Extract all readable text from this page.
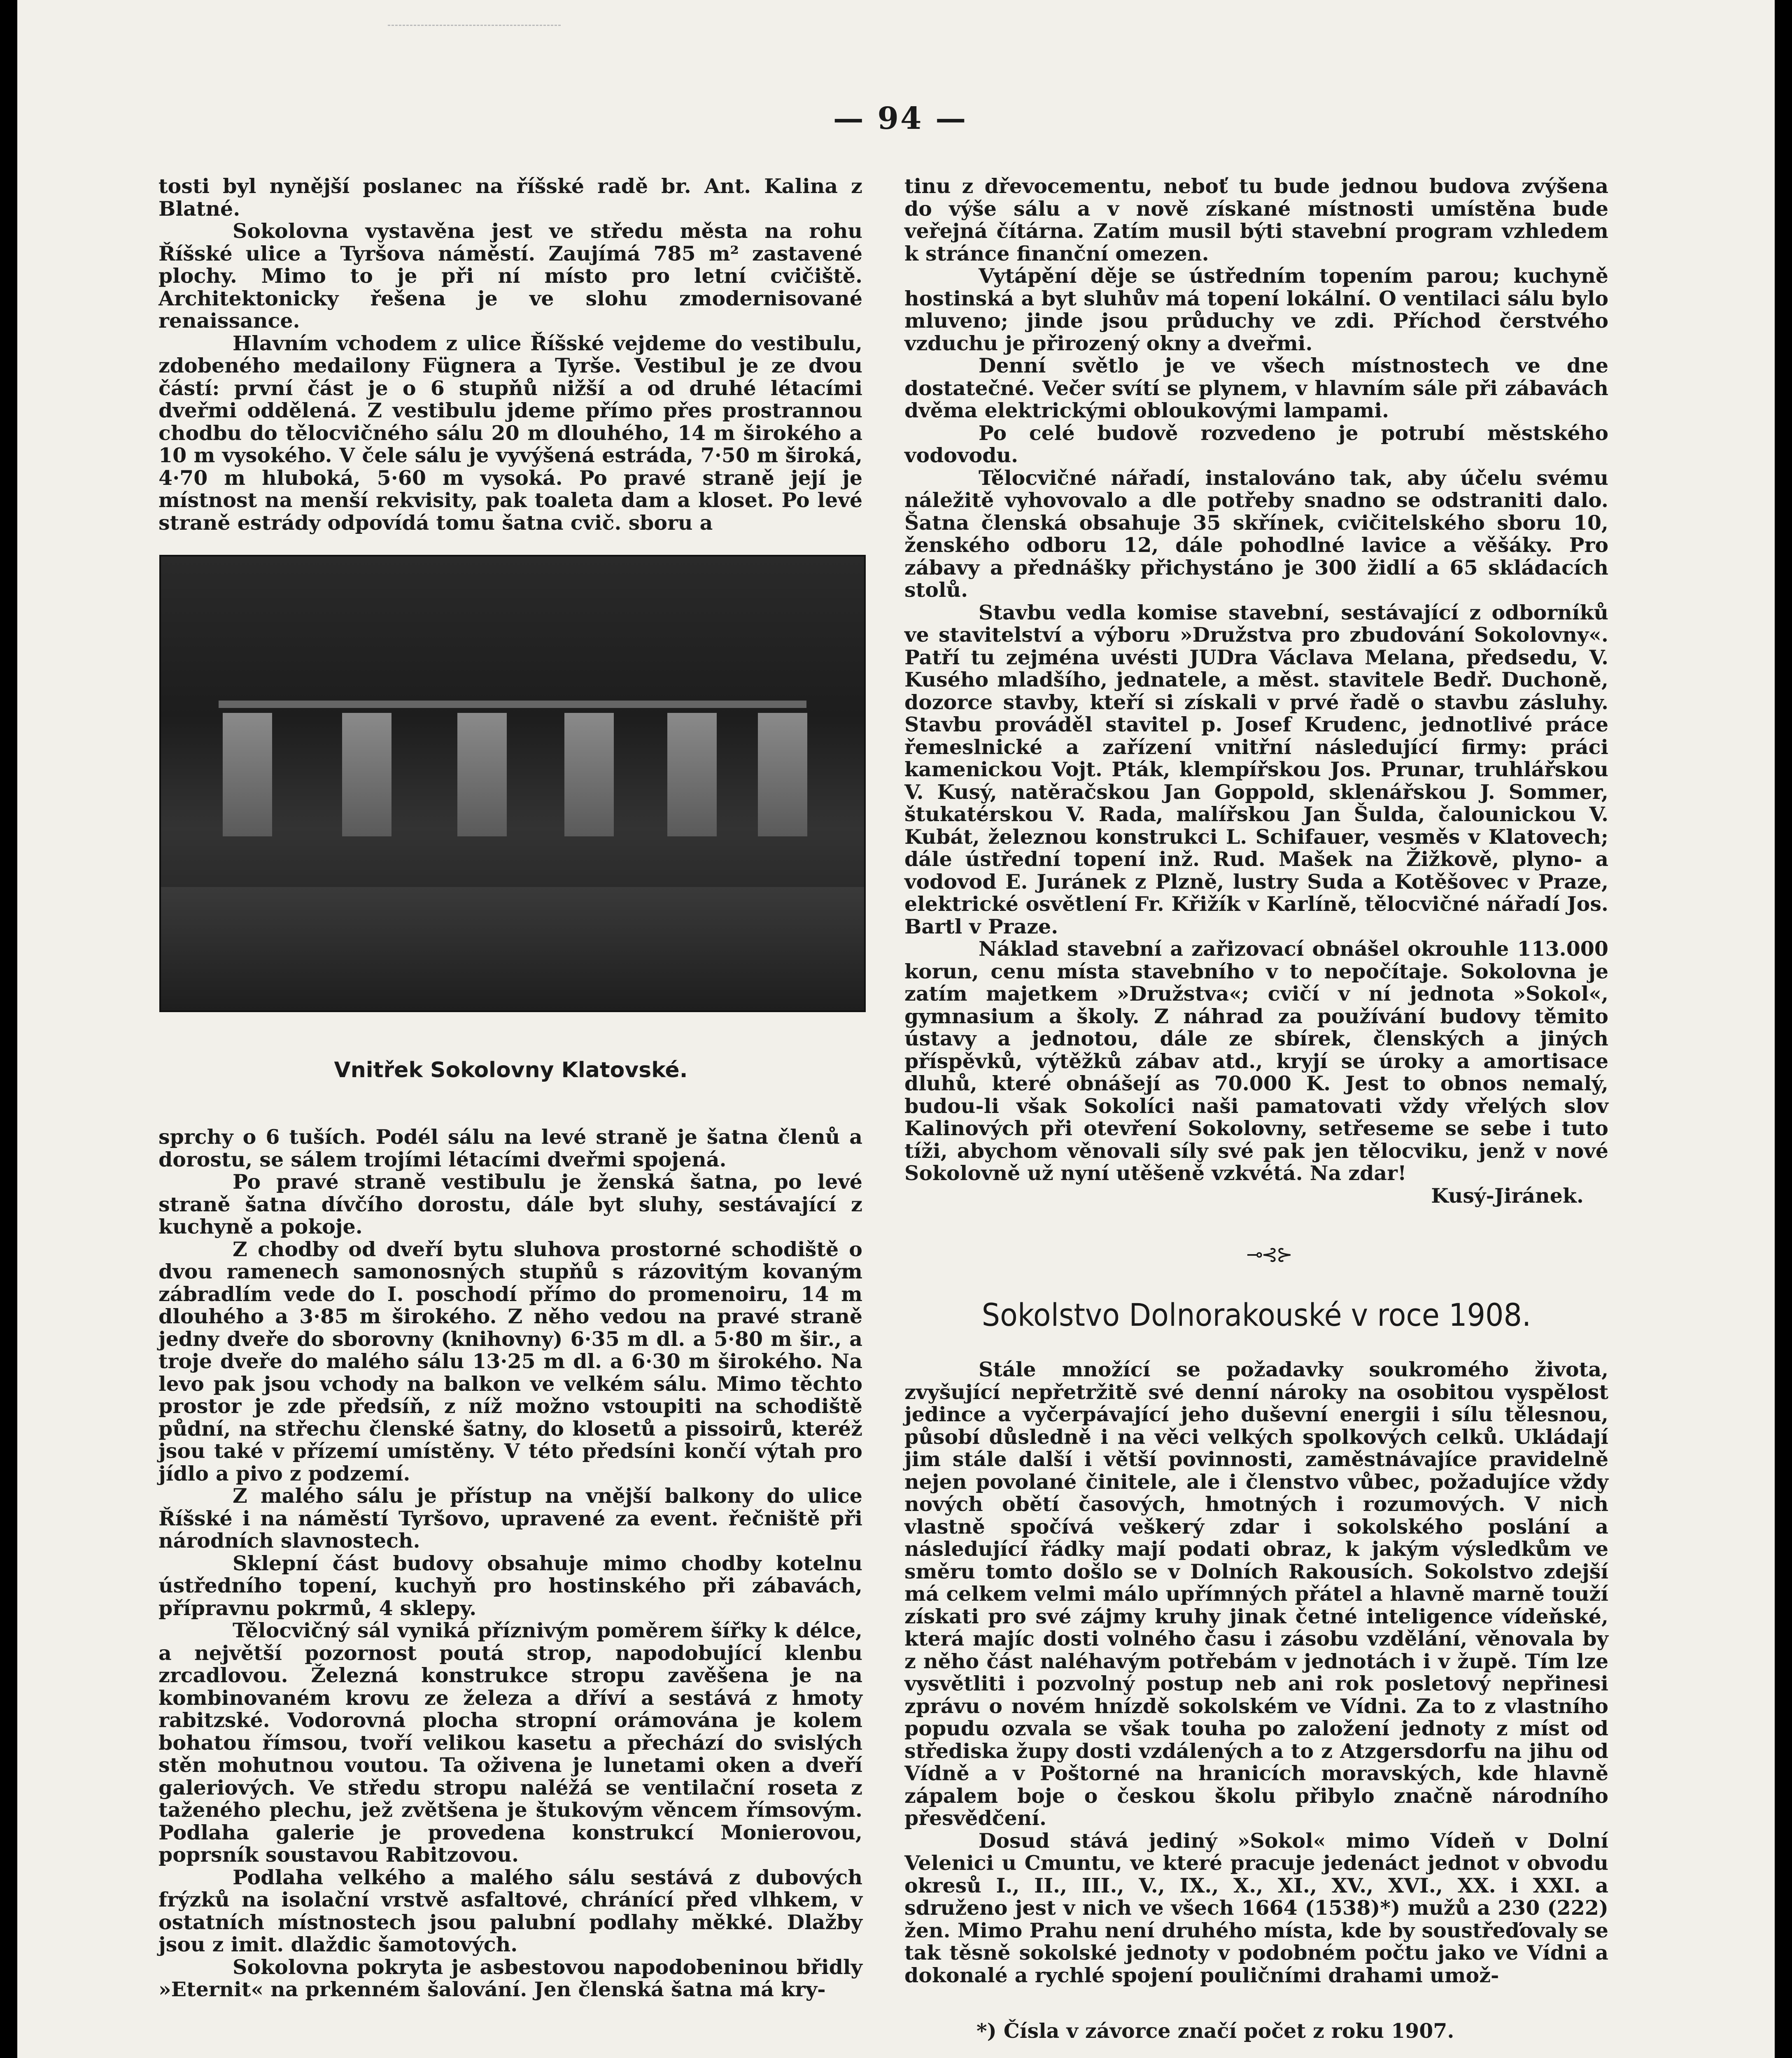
— 94 —

tosti byl nynější poslanec na říšské radě br. Ant. Kalina z Blatné.

Sokolovna vystavěna jest ve středu města na rohu Říšské ulice a Tyršova náměstí. Zaujímá 785 m² zastavené plochy. Mimo to je při ní místo pro letní cvičiště. Architektonicky řešena je ve slohu zmodernisované renaissance.

Hlavním vchodem z ulice Říšské vejdeme do vestibulu, zdobeného medailony Fügnera a Tyrše. Vestibul je ze dvou částí: první část je o 6 stupňů nižší a od druhé létacími dveřmi oddělená. Z vestibulu jdeme přímo přes prostrannou chodbu do tělocvičného sálu 20 m dlouhého, 14 m širokého a 10 m vysokého. V čele sálu je vyvýšená estráda, 7·50 m široká, 4·70 m hluboká, 5·60 m vysoká. Po pravé straně její je místnost na menší rekvisity, pak toaleta dam a kloset. Po levé straně estrády odpovídá tomu šatna cvič. sboru a

Vnitřek Sokolovny Klatovské.

sprchy o 6 tuších. Podél sálu na levé straně je šatna členů a dorostu, se sálem trojími létacími dveřmi spojená.

Po pravé straně vestibulu je ženská šatna, po levé straně šatna dívčího dorostu, dále byt sluhy, sestávající z kuchyně a pokoje.

Z chodby od dveří bytu sluhova prostorné schodiště o dvou ramenech samonosných stupňů s rázovitým kovaným zábradlím vede do I. poschodí přímo do promenoiru, 14 m dlouhého a 3·85 m širokého. Z něho vedou na pravé straně jedny dveře do sborovny (knihovny) 6·35 m dl. a 5·80 m šir., a troje dveře do malého sálu 13·25 m dl. a 6·30 m širokého. Na levo pak jsou vchody na balkon ve velkém sálu. Mimo těchto prostor je zde předsíň, z níž možno vstoupiti na schodiště půdní, na střechu členské šatny, do klosetů a pissoirů, kteréž jsou také v přízemí umístěny. V této předsíni končí výtah pro jídlo a pivo z podzemí.

Z malého sálu je přístup na vnější balkony do ulice Říšské i na náměstí Tyršovo, upravené za event. řečniště při národních slavnostech.

Sklepní část budovy obsahuje mimo chodby kotelnu ústředního topení, kuchyň pro hostinského při zábavách, přípravnu pokrmů, 4 sklepy.

Tělocvičný sál vyniká příznivým poměrem šířky k délce, a největší pozornost poutá strop, napodobující klenbu zrcadlovou. Železná konstrukce stropu zavěšena je na kombinovaném krovu ze železa a dříví a sestává z hmoty rabitzské. Vodorovná plocha stropní orámována je kolem bohatou římsou, tvoří velikou kasetu a přechází do svislých stěn mohutnou voutou. Ta oživena je lunetami oken a dveří galeriových. Ve středu stropu naléžá se ventilační roseta z taženého plechu, jež zvětšena je štukovým věncem římsovým. Podlaha galerie je provedena konstrukcí Monierovou, poprsník soustavou Rabitzovou.

Podlaha velkého a malého sálu sestává z dubových frýzků na isolační vrstvě asfaltové, chránící před vlhkem, v ostatních místnostech jsou palubní podlahy měkké. Dlažby jsou z imit. dlaždic šamotových.

Sokolovna pokryta je asbestovou napodobeninou břidly »Eternit« na prkenném šalování. Jen členská šatna má kry-

tinu z dřevocementu, neboť tu bude jednou budova zvýšena do výše sálu a v nově získané místnosti umístěna bude veřejná čítárna. Zatím musil býti stavební program vzhledem k stránce finanční omezen.

Vytápění děje se ústředním topením parou; kuchyně hostinská a byt sluhův má topení lokální. O ventilaci sálu bylo mluveno; jinde jsou průduchy ve zdi. Příchod čerstvého vzduchu je přirozený okny a dveřmi.

Denní světlo je ve všech místnostech ve dne dostatečné. Večer svítí se plynem, v hlavním sále při zábavách dvěma elektrickými obloukovými lampami.

Po celé budově rozvedeno je potrubí městského vodovodu.

Tělocvičné nářadí, instalováno tak, aby účelu svému náležitě vyhovovalo a dle potřeby snadno se odstraniti dalo. Šatna členská obsahuje 35 skřínek, cvičitelského sboru 10, ženského odboru 12, dále pohodlné lavice a věšáky. Pro zábavy a přednášky přichystáno je 300 židlí a 65 skládacích stolů.

Stavbu vedla komise stavební, sestávající z odborníků ve stavitelství a výboru »Družstva pro zbudování Sokolovny«. Patří tu zejména uvésti JUDra Václava Melana, předsedu, V. Kusého mladšího, jednatele, a měst. stavitele Bedř. Duchoně, dozorce stavby, kteří si získali v prvé řadě o stavbu zásluhy. Stavbu prováděl stavitel p. Josef Krudenc, jednotlivé práce řemeslnické a zařízení vnitřní následující firmy: práci kamenickou Vojt. Pták, klempířskou Jos. Prunar, truhlářskou V. Kusý, natěračskou Jan Goppold, sklenářskou J. Sommer, štukatérskou V. Rada, malířskou Jan Šulda, čalounickou V. Kubát, železnou konstrukci L. Schifauer, vesměs v Klatovech; dále ústřední topení inž. Rud. Mašek na Žižkově, plyno- a vodovod E. Juránek z Plzně, lustry Suda a Kotěšovec v Praze, elektrické osvětlení Fr. Křižík v Karlíně, tělocvičné nářadí Jos. Bartl v Praze.

Náklad stavební a zařizovací obnášel okrouhle 113.000 korun, cenu místa stavebního v to nepočítaje. Sokolovna je zatím majetkem »Družstva«; cvičí v ní jednota »Sokol«, gymnasium a školy. Z náhrad za používání budovy těmito ústavy a jednotou, dále ze sbírek, členských a jiných příspěvků, výtěžků zábav atd., kryjí se úroky a amortisace dluhů, které obnášejí as 70.000 K. Jest to obnos nemalý, budou-li však Sokolíci naši pamatovati vždy vřelých slov Kalinových při otevření Sokolovny, setřeseme se sebe i tuto tíži, abychom věnovali síly své pak jen tělocviku, jenž v nové Sokolovně už nyní utěšeně vzkvétá. Na zdar!

Kusý-Jiránek.

⊸⊰⊱
Sokolstvo Dolnorakouské v roce 1908.

Stále množící se požadavky soukromého života, zvyšující nepřetržitě své denní nároky na osobitou vyspělost jedince a vyčerpávající jeho duševní energii i sílu tělesnou, působí důsledně i na věci velkých spolkových celků. Ukládají jim stále další i větší povinnosti, zaměstnávajíce pravidelně nejen povolané činitele, ale i členstvo vůbec, požadujíce vždy nových obětí časových, hmotných i rozumových. V nich vlastně spočívá veškerý zdar i sokolského poslání a následující řádky mají podati obraz, k jakým výsledkům ve směru tomto došlo se v Dolních Rakousích. Sokolstvo zdejší má celkem velmi málo upřímných přátel a hlavně marně touží získati pro své zájmy kruhy jinak četné inteligence vídeňské, která majíc dosti volného času i zásobu vzdělání, věnovala by z něho část naléhavým potřebám v jednotách i v župě. Tím lze vysvětliti i pozvolný postup neb ani rok posletový nepřinesi zprávu o novém hnízdě sokolském ve Vídni. Za to z vlastního popudu ozvala se však touha po založení jednoty z míst od střediska župy dosti vzdálených a to z Atzgersdorfu na jihu od Vídně a v Poštorné na hranicích moravských, kde hlavně zápalem boje o českou školu přibylo značně národního přesvědčení.

Dosud stává jediný »Sokol« mimo Vídeň v Dolní Velenici u Cmuntu, ve které pracuje jedenáct jednot v obvodu okresů I., II., III., V., IX., X., XI., XV., XVI., XX. i XXI. a sdruženo jest v nich ve všech 1664 (1538)*) mužů a 230 (222) žen. Mimo Prahu není druhého místa, kde by soustřeďovaly se tak těsně sokolské jednoty v podobném počtu jako ve Vídni a dokonalé a rychlé spojení pouličními drahami umož-

*) Čísla v závorce značí počet z roku 1907.
